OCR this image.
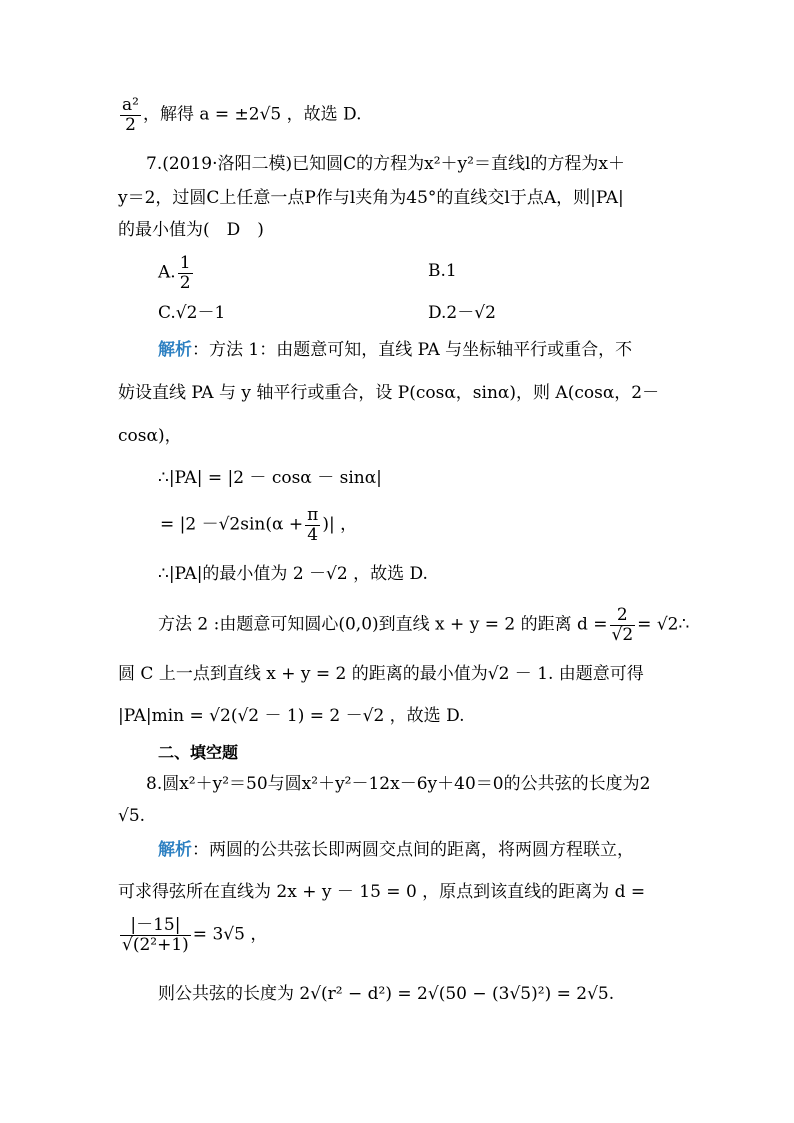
$\frac{\text{a²}}{2}$ ，解得 a = ±2√5 ，故选 D.
7.(2019·洛阳二模)已知圆C的方程为x²＋y²＝直线l的方程为x＋
y＝2，过圆C上任意一点P作与l夹角为45°的直线交l于点A，则|PA|
的最小值为(　D　)
A. $\frac{1}{2}$	B.1
C.√2－1	D.2－√2
解析：方法 1：由题意可知，直线 PA 与坐标轴平行或重合，不
妨设直线 PA 与 y 轴平行或重合，设 P(cosα，sinα)，则 A(cosα，2－
cosα)，
∴|PA| = |2 － cosα － sinα|
= $|2 -√2\sin(\alpha + \frac{\pi}{4}$ )| ，
∴|PA|的最小值为 2 －√2 ，故选 D.
方法 2 :由题意可知圆心(0,0)到直线 x + y = 2 的距离 $d = \frac{2}{√2}$ = √2∴
圆 C 上一点到直线 x + y = 2 的距离的最小值为√2 － 1. 由题意可得
|PA|min = √2(√2 － 1) = 2 －√2 ，故选 D.
二、填空题
8.圆x²＋y²＝50与圆x²＋y²－12x－6y＋40＝0的公共弦的长度为2
√5.
解析：两圆的公共弦长即两圆交点间的距离，将两圆方程联立，
可求得弦所在直线为 2x + y － 15 = 0 ，原点到该直线的距离为 d =
$\frac{|-15|}{\text{√(2²+1)}} = 3√5$ ，
则公共弦的长度为 2√(r² − d²) = 2√(50 − (3√5)²) = 2√5.
